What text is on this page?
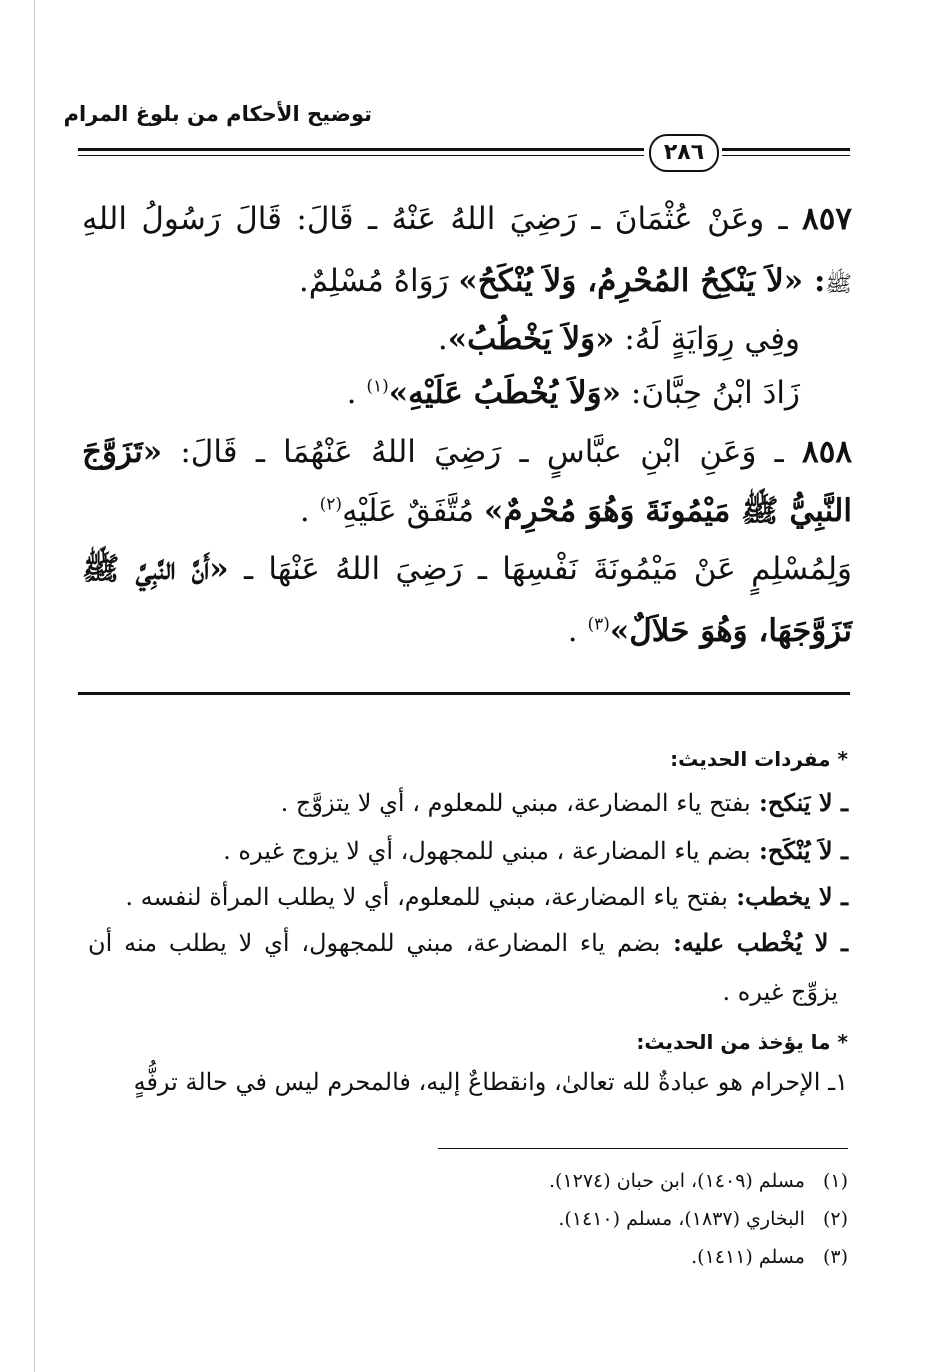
توضيح الأحكام من بلوغ المرام
٢٨٦
٨٥٧ ـ وعَنْ عُثْمَانَ ـ رَضِيَ اللهُ عَنْهُ ـ قَالَ: قَالَ رَسُولُ اللهِ
ﷺ: «لاَ يَنْكِحُ المُحْرِمُ، وَلاَ يُنْكَحُ» رَوَاهُ مُسْلِمٌ.
وفِي رِوَايَةٍ لَهُ: «وَلاَ يَخْطُبُ».
زَادَ ابْنُ حِبَّانَ: «وَلاَ يُخْطَبُ عَلَيْهِ»$^{(١)}$ .
٨٥٨ ـ وَعَنِ ابْنِ عبَّاسٍ ـ رَضِيَ اللهُ عَنْهُمَا ـ قَالَ: «تَزَوَّجَ
النَّبِيُّ ﷺ مَيْمُونَةَ وَهُوَ مُحْرِمٌ» مُتَّفَقٌ عَلَيْهِ$^{(٢)}$ .
وَلِمُسْلِمٍ عَنْ مَيْمُونَةَ نَفْسِهَا ـ رَضِيَ اللهُ عَنْهَا ـ «أَنَّ النَّبِيَّ ﷺ
تَزَوَّجَهَا، وَهُوَ حَلاَلٌ»$^{(٣)}$ .
* مفردات الحديث:
ـ لا يَنكح: بفتح ياء المضارعة، مبني للمعلوم ، أي لا يتزوَّج .
ـ لاَ يُنْكَح: بضم ياء المضارعة ، مبني للمجهول، أي لا يزوج غيره .
ـ لا يخطب: بفتح ياء المضارعة، مبني للمعلوم، أي لا يطلب المرأة لنفسه .
ـ لا يُخْطب عليه: بضم ياء المضارعة، مبني للمجهول، أي لا يطلب منه أن
يزوِّج غيره .
* ما يؤخذ من الحديث:
١ـ الإحرام هو عبادةٌ لله تعالىٰ، وانقطاعٌ إليه، فالمحرم ليس في حالة ترفُّهٍ
(١)مسلم (١٤٠٩)، ابن حبان (١٢٧٤).
(٢)البخاري (١٨٣٧)، مسلم (١٤١٠).
(٣)مسلم (١٤١١).
